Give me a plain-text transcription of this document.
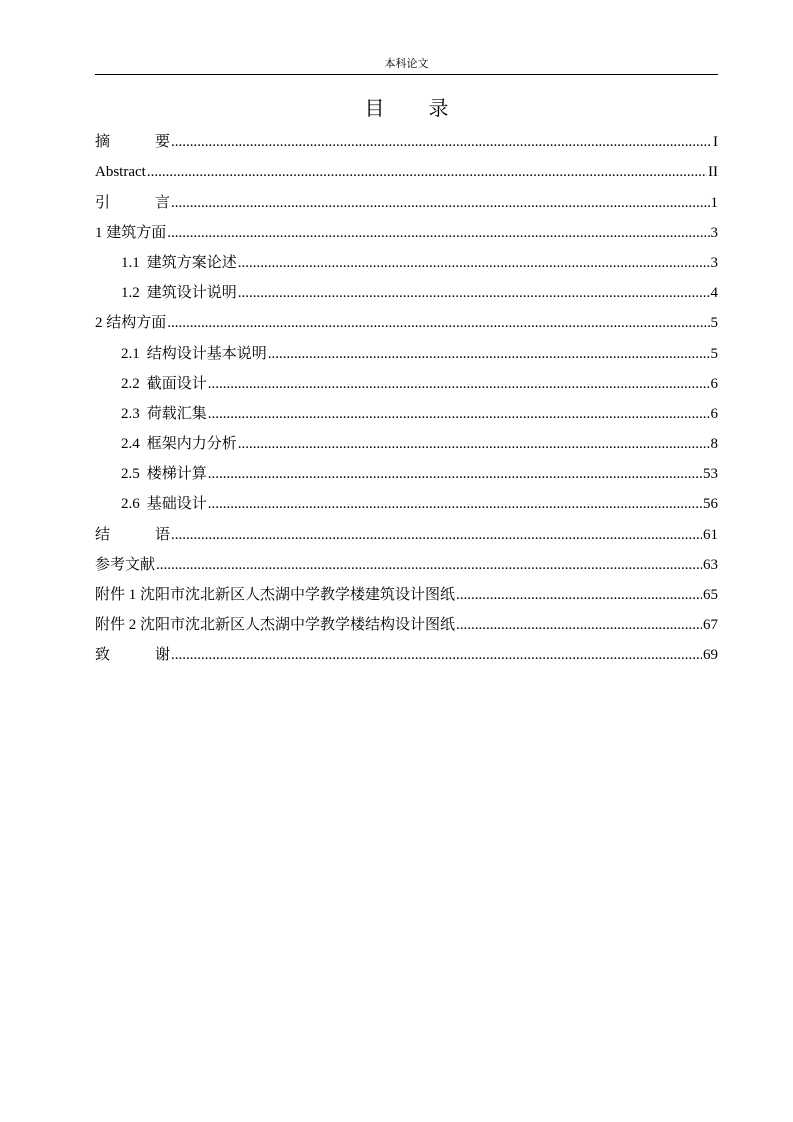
本科论文
目 录
摘	要 .....	I
Abstract .....	II
引	言 .....	1
1 建筑方面 .....	3
1.1 建筑方案论述 .....	3
1.2 建筑设计说明 .....	4
2 结构方面 .....	5
2.1 结构设计基本说明 .....	5
2.2 截面设计 .....	6
2.3 荷载汇集 .....	6
2.4 框架内力分析 .....	8
2.5 楼梯计算 .....	53
2.6 基础设计 .....	56
结	语 .....	61
参考文献 .....	63
附件 1 沈阳市沈北新区人杰湖中学教学楼建筑设计图纸 .....	65
附件 2 沈阳市沈北新区人杰湖中学教学楼结构设计图纸 .....	67
致	谢 .....	69
